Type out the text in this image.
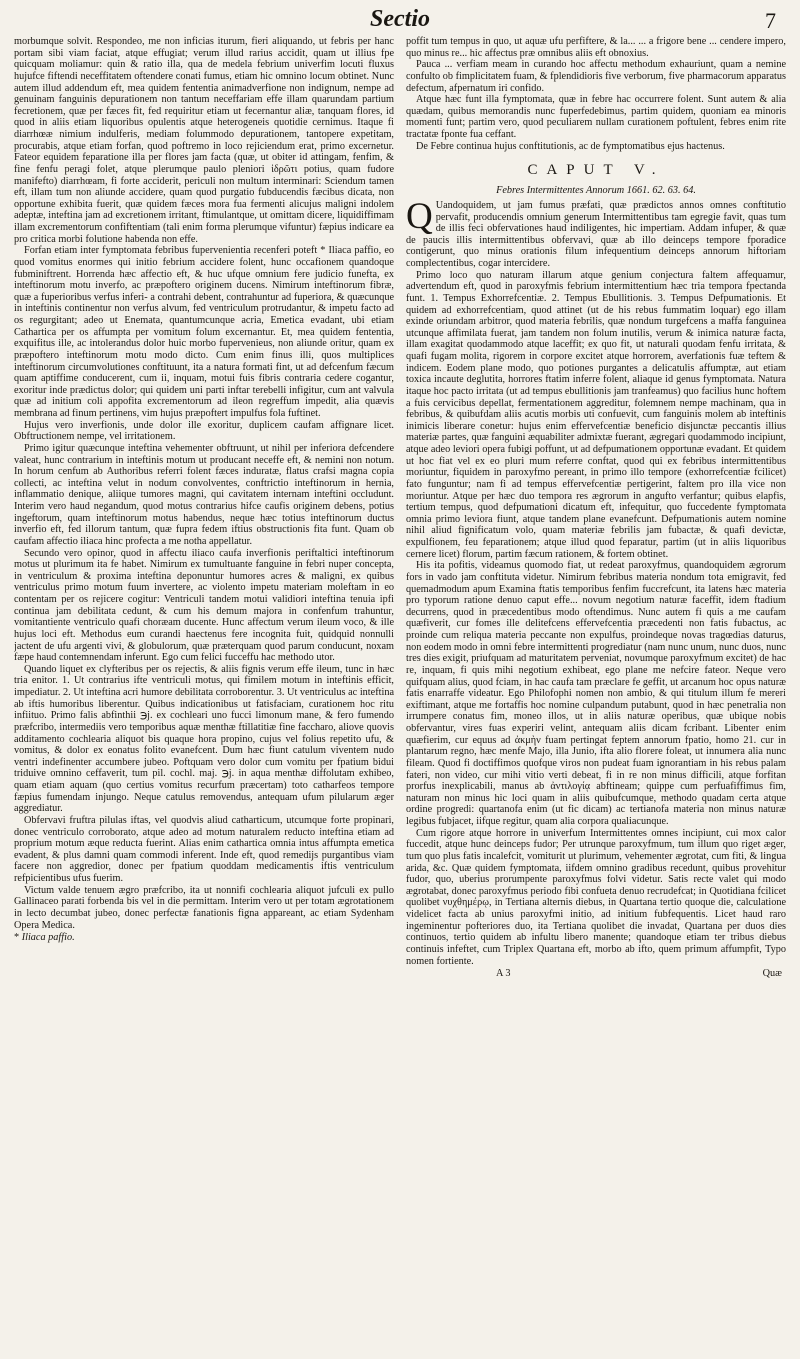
Sectio	7

morbumque solvit. Respondeo, me non inficias iturum, fieri aliquando, ut febris per hanc portam sibi viam faciat, atque effugiat; verum illud rarius accidit, quam ut illius fpe quicquam moliamur: quin & ratio illa, qua de medela febrium univerfim locuti fluxus hujufce fiftendi neceffitatem oftendere conati fumus, etiam hic omnino locum obtinet. Nunc autem illud addendum eft, mea quidem fententia animadverfione non indignum, nempe ad genuinam fanguinis depurationem non tantum neceffariam effe illam quarundam partium fecretionem, quæ per fæces fit, fed requiritur etiam ut fecernantur aliæ, tanquam flores, id quod in aliis etiam liquoribus opulentis atque heterogeneis quotidie cernimus. Itaque fi diarrhœæ nimium indulferis, mediam folummodo depurationem, tantopere expetitam, procurabis, atque etiam forfan, quod poftremo in loco rejiciendum erat, primo excernetur. Fateor equidem feparatione illa per flores jam facta (quæ, ut obiter id attingam, fenfim, & fine fenfu peragi folet, atque plerumque paulo pleniori ἰδρῶτι potius, quam fudore manifefto) diarrhœam, fi forte acciderit, periculi non multum interminari: Sciendum tamen eft, illam tum non aliunde accidere, quam quod purgatio fubducendis fæcibus dicata, non opportune exhibita fuerit, quæ quidem fæces mora fua fermenti alicujus maligni indolem adeptæ, inteftina jam ad excretionem irritant, ftimulantque, ut omittam dicere, liquidiffimam illam excrementorum confiftentiam (tali enim forma plerumque vifuntur) fæpius indicare ea pro critica morbi folutione habenda non effe.

Forfan etiam inter fymptomata febribus fupervenientia recenferi poteft * Iliaca paffio, eo quod vomitus enormes qui initio febrium accidere folent, hunc occafionem quandoque fubminiftrent. Horrenda hæc affectio eft, & huc ufque omnium fere judicio funefta, ex inteftinorum motu inverfo, ac præpoftero originem ducens. Nimirum inteftinorum fibræ, quæ a fuperioribus verfus inferi- a contrahi debent, contrahuntur ad fuperiora, & quæcunque in inteftinis continentur non verfus alvum, fed ventriculum protrudantur, & impetu facto ad os regurgitant; adeo ut Enemata, quantumcunque acria, Emetica evadant, ubi etiam Cathartica per os affumpta per vomitum folum excernantur. Et, mea quidem fententia, exquifitus ille, ac intolerandus dolor huic morbo fupervenieus, non aliunde oritur, quam ex præpoftero inteftinorum motu modo dicto. Cum enim finus illi, quos multiplices inteftinorum circumvolutiones conftituunt, ita a natura formati fint, ut ad defcenfum fæcum quam aptiffime conducerent, cum ii, inquam, motui fuis fibris contraria cedere cogantur, exoritur inde prædictus dolor; qui quidem uni parti inftar terebelli infigitur, cum ant valvula quæ ad initium coli appofita excrementorum ad ileon regreffum impedit, alia quævis membrana ad finum pertinens, vim hujus præpoftert impulfus fola fuftinet.

Hujus vero inverfionis, unde dolor ille exoritur, duplicem caufam affignare licet. Obftructionem nempe, vel irritationem.

Primo igitur quæcunque inteftina vehementer obftruunt, ut nihil per inferiora defcendere valeat, hunc contrarium in inteftinis motum ut producant neceffe eft, & nemini non notum. In horum cenfum ab Authoribus referri folent fæces induratæ, flatus crafsi magna copia collecti, ac inteftina velut in nodum convolventes, conftrictio inteftinorum in hernia, inflammatio denique, aliique tumores magni, qui cavitatem internam inteftini occludunt. Interim vero haud negandum, quod motus contrarius hifce caufis originem debens, potius ingeftorum, quam inteftinorum motus habendus, neque hæc totius inteftinorum ductus inverfio eft, fed illorum tantum, quæ fupra fedem iftius obstructionis fita funt. Quam ob caufam affectio iliaca hinc profecta a me notha appellatur.

Secundo vero opinor, quod in affectu iliaco caufa inverfionis periftaltici inteftinorum motus ut plurimum ita fe habet. Nimirum ex tumultuante fanguine in febri nuper concepta, in ventriculum & proxima inteftina deponuntur humores acres & maligni, ex quibus ventriculus primo motum fuum invertere, ac violento impetu materiam moleftam in eo contentam per os rejicere cogitur: Ventriculi tandem motui validiori inteftina tenuia ipfi continua jam debilitata cedunt, & cum his demum majora in confenfum trahuntur, vomitantiente ventriculo quafi choræam ducente. Hunc affectum verum ileum voco, & ille hujus loci eft. Methodus eum curandi haectenus fere incognita fuit, quidquid nonnulli jactent de ufu argenti vivi, & globulorum, quæ præterquam quod parum conducunt, noxam fæpe haud contemnendam inferunt. Ego cum felici fucceffu hac methodo utor.

Quando liquet ex clyfteribus per os rejectis, & aliis fignis verum effe ileum, tunc in hæc tria enitor. 1. Ut contrarius ifte ventriculi motus, qui fimilem motum in inteftinis efficit, impediatur. 2. Ut inteftina acri humore debilitata corroborentur. 3. Ut ventriculus ac inteftina ab iftis humoribus liberentur. Quibus indicationibus ut fatisfaciam, curationem hoc ritu infiituo. Primo falis abfinthii ℈j. ex cochleari uno fucci limonum mane, & fero fumendo præfcribo, intermediis vero temporibus aquæ menthæ ftillatitiæ fine faccharo, aliove quovis additamento cochlearia aliquot bis quaque hora propino, cujus vel folius repetito ufu, & vomitus, & dolor ex eonatus folito evanefcent. Dum hæc fiunt catulum viventem nudo ventri indefinenter accumbere jubeo. Poftquam vero dolor cum vomitu per fpatium bidui triduive omnino ceffaverit, tum pil. cochl. maj. ℈j. in aqua menthæ diffolutam exhibeo, quam etiam aquam (quo certius vomitus recurfum præcertam) toto catharfeos tempore fæpius fumendam injungo. Neque catulus removendus, antequam ufum pilularum æger aggrediatur.

Obfervavi fruftra pilulas iftas, vel quodvis aliud catharticum, utcumque forte propinari, donec ventriculo corroborato, atque adeo ad motum naturalem reducto inteftina etiam ad proprium motum æque reducta fuerint. Alias enim cathartica omnia intus affumpta emetica evadent, & plus damni quam commodi inferent. Inde eft, quod remedijs purgantibus viam facere non aggredior, donec per fpatium quoddam medicamentis iftis ventriculum refpicientibus ufus fuerim.

Victum valde tenuem ægro præfcribo, ita ut nonnifi cochlearia aliquot jufculi ex pullo Gallinaceo parati forbenda bis vel in die permittam. Interim vero ut per totam ægrotationem in lecto decumbat jubeo, donec perfectæ fanationis figna appareant, ac etiam Sydenham Opera Medica.

* Iliaca paffio.

poffit tum tempus in quo, ut aquæ ufu perfiftere, & la... ... a frigore bene ... cendere impero, quo minus re... hic affectus præ omnibus aliis eft obnoxius.

Pauca ... verfiam meam in curando hoc affectu methodum exhauriunt, quam a nemine confulto ob fimplicitatem fuam, & fplendidioris five verborum, five pharmacorum apparatus defectum, afpernatum iri confido.

Atque hæc funt illa fymptomata, quæ in febre hac occurrere folent. Sunt autem & alia quædam, quibus memorandis nunc fuperfedebimus, partim quidem, quoniam ea minoris momenti funt; partim vero, quod peculiarem nullam curationem poftulent, febres enim rite tractatæ fponte fua ceffant.

De Febre continua hujus conftitutionis, ac de fymptomatibus ejus hactenus.

CAPUT V.
Febres Intermittentes Annorum 1661. 62. 63. 64.

Q Uandoquidem, ut jam fumus præfati, quæ prædictos annos omnes conftitutio pervafit, producendis omnium generum Intermittentibus tam egregie favit, quas tum de illis feci obfervationes haud indiligentes, hic impertiam. Addam infuper, & quæ de paucis illis intermittentibus obfervavi, quæ ab illo deinceps tempore fporadice contigerunt, quo minus orationis filum infequentium deinceps annorum hiftoriam complectentibus, cogar intercidere.

Primo loco quo naturam illarum atque genium conjectura faltem affequamur, advertendum eft, quod in paroxyfmis febrium intermittentium hæc tria tempora fpectanda funt. 1. Tempus Exhorrefcentiæ. 2. Tempus Ebullitionis. 3. Tempus Defpumationis. Et quidem ad exhorrefcentiam, quod attinet (ut de his rebus fummatim loquar) ego illam exinde oriundam arbitror, quod materia febrilis, quæ nondum turgefcens a maffa fanguinea utcunque affimilata fuerat, jam tandem non folum inutilis, verum & inimica naturæ facta, illam exagitat quodammodo atque laceffit; ex quo fit, ut naturali quodam fenfu irritata, & quafi fugam molita, rigorem in corpore excitet atque horrorem, averfationis fuæ teftem & indicem. Eodem plane modo, quo potiones purgantes a delicatulis affumptæ, aut etiam toxica incaute deglutita, horrores ftatim inferre folent, aliaque id genus fymptomata. Natura itaque hoc pacto irritata (ut ad tempus ebullitionis jam tranfeamus) quo facilius hunc hoftem a fuis cervicibus depellat, fermentationem aggreditur, folemnem nempe machinam, qua in febribus, & quibufdam aliis acutis morbis uti confuevit, cum fanguinis molem ab inteftinis inimicis liberare conetur: hujus enim effervefcentiæ beneficio disjunctæ peccantis illius materiæ partes, quæ fanguini æquabiliter admixtæ fuerant, ægregari quodammodo incipiunt, atque adeo leviori opera fubigi poffunt, ut ad defpumationem opportunæ evadant. Et quidem ut hoc fiat vel ex eo pluri mum referre conftat, quod qui ex febribus intermittentibus moriuntur, fiquidem in paroxyfmo pereant, in primo illo tempore (exhorrefcentiæ fcilicet) fato funguntur; nam fi ad tempus effervefcentiæ pertigerint, faltem pro illa vice non moriuntur. Atque per hæc duo tempora res ægrorum in angufto verfantur; quibus elapfis, tertium tempus, quod defpumationi dicatum eft, infequitur, quo fuccedente fymptomata omnia primo leviora fiunt, atque tandem plane evanefcunt. Defpumationis autem nomine nihil aliud fignificatum volo, quam materiæ febrilis jam fubactæ, & quafi devictæ, expulfionem, feu feparationem; atque illud quod feparatur, partim (ut in aliis liquoribus cernere licet) florum, partim fæcum rationem, & fortem obtinet.

His ita pofitis, videamus quomodo fiat, ut redeat paroxyfmus, quandoquidem ægrorum fors in vado jam conftituta videtur. Nimirum febribus materia nondum tota emigravit, fed quemadmodum apum Examina ftatis temporibus fenfim fuccrefcunt, ita latens hæc materia pro typorum ratione denuo caput effe... novum negotium naturæ faceffit, idem ftadium decurrens, quod in præcedentibus modo oftendimus. Nunc autem fi quis a me caufam quæfiverit, cur fomes ille delitefcens effervefcentia præcedenti non fatis fubactus, ac proinde cum reliqua materia peccante non expulfus, proindeque novas tragœdias daturus, non eodem modo in omni febre intermittenti progrediatur (nam nunc unum, nunc duos, nunc tres dies exigit, priufquam ad maturitatem perveniat, novumque paroxyfmum excitet) de hac re, inquam, fi quis mihi negotium exhibeat, ego plane me nefcire fateor. Neque vero quifquam alius, quod fciam, in hac caufa tam præclare fe geffit, ut arcanum hoc opus naturæ fatis enarraffe videatur. Ego Philofophi nomen non ambio, & qui titulum illum fe mereri exiftimant, atque me fortaffis hoc nomine culpandum putabunt, quod in hæc penetralia non irrumpere conatus fim, moneo illos, ut in aliis naturæ operibus, quæ ubique nobis obfervantur, vires fuas experiri velint, antequam aliis dicam fcribant. Libenter enim quæfierim, cur equus ad ἀκμὴν fuam pertingat feptem annorum fpatio, homo 21. cur in plantarum regno, hæc menfe Majo, illa Junio, ifta alio florere foleat, ut innumera alia nunc fileam. Quod fi doctiffimos quofque viros non pudeat fuam ignorantiam in his rebus palam fateri, non video, cur mihi vitio verti debeat, fi in re non minus difficili, atque forfitan prorfus inexplicabili, manus ab ἀντιλογίᾳ abftineam; quippe cum perfuafiffimus fim, naturam non minus hic loci quam in aliis quibufcumque, methodo quadam certa atque ordine progredi: quartanofa enim (ut fic dicam) ac tertianofa materia non minus naturæ legibus fubjacet, iifque regitur, quam alia corpora qualiacunque.

Cum rigore atque horrore in univerfum Intermittentes omnes incipiunt, cui mox calor fuccedit, atque hunc deinceps fudor; Per utrunque paroxyfmum, tum illum quo riget æger, tum quo plus fatis incalefcit, vomiturit ut plurimum, vehementer ægrotat, cum fiti, & lingua arida, &c. Quæ quidem fymptomata, iifdem omnino gradibus recedunt, quibus provehitur fudor, quo, uberius prorumpente paroxyfmus folvi videtur. Satis recte valet qui modo ægrotabat, donec paroxyfmus periodo fibi confueta denuo recrudefcat; in Quotidiana fcilicet quolibet νυχθημέρῳ, in Tertiana alternis diebus, in Quartana tertio quoque die, calculatione videlicet facta ab unius paroxyfmi initio, ad initium fubfequentis. Licet haud raro ingeminentur pofteriores duo, ita Tertiana quolibet die invadat, Quartana per duos dies continuos, tertio quidem ab infultu libero manente; quandoque etiam ter tribus diebus continuis infeftet, cum Triplex Quartana eft, morbo ab ifto, quem primum affumpfit, Typo nomen fortiente.

A 3	Quæ
